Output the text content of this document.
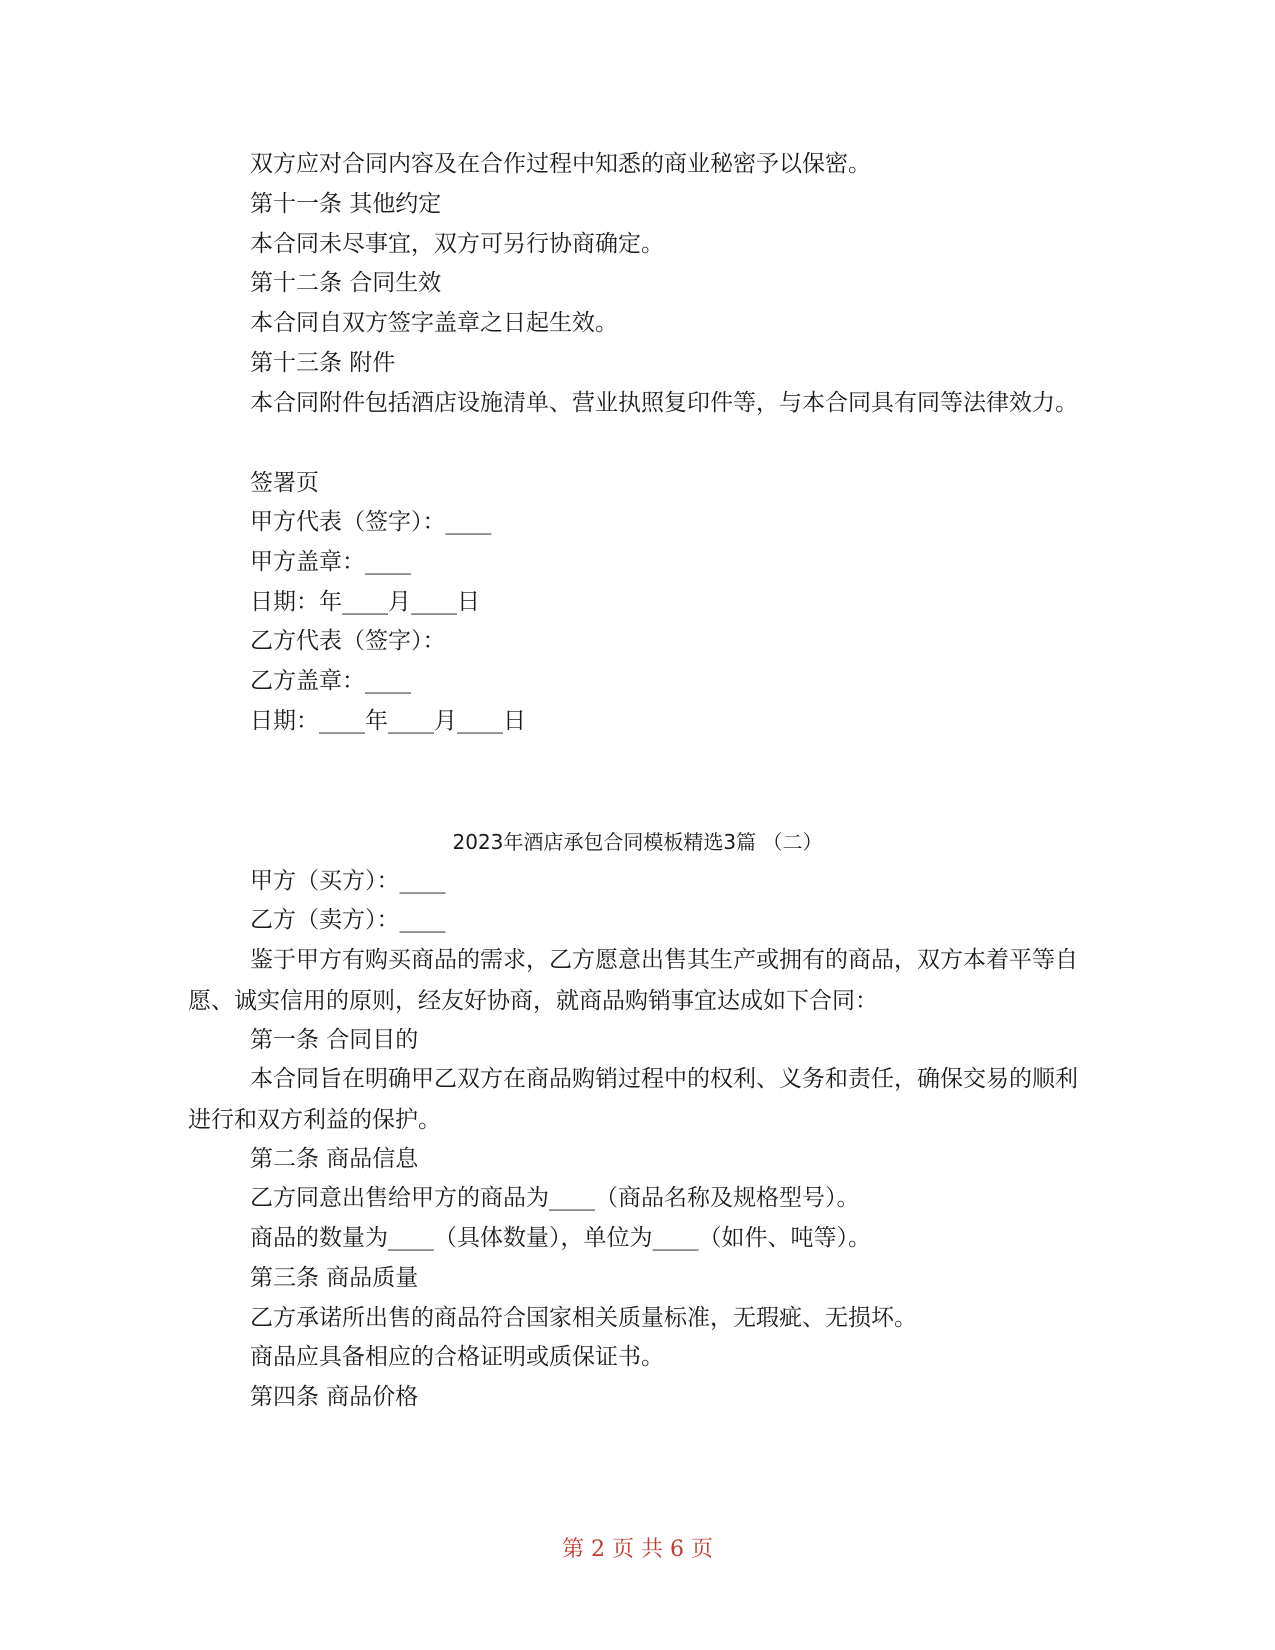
双方应对合同内容及在合作过程中知悉的商业秘密予以保密。

第十一条 其他约定

本合同未尽事宜，双方可另行协商确定。

第十二条 合同生效

本合同自双方签字盖章之日起生效。

第十三条 附件

本合同附件包括酒店设施清单、营业执照复印件等，与本合同具有同等法律效力。

签署页

甲方代表（签字）：____

甲方盖章：____

日期：年____月____日

乙方代表（签字）：

乙方盖章：____

日期：____年____月____日

2023年酒店承包合同模板精选3篇 （二）

甲方（买方）：____

乙方（卖方）：____

鉴于甲方有购买商品的需求，乙方愿意出售其生产或拥有的商品，双方本着平等自愿、诚实信用的原则，经友好协商，就商品购销事宜达成如下合同：

第一条 合同目的

本合同旨在明确甲乙双方在商品购销过程中的权利、义务和责任，确保交易的顺利进行和双方利益的保护。

第二条 商品信息

乙方同意出售给甲方的商品为____（商品名称及规格型号）。

商品的数量为____（具体数量），单位为____（如件、吨等）。

第三条 商品质量

乙方承诺所出售的商品符合国家相关质量标准，无瑕疵、无损坏。

商品应具备相应的合格证明或质保证书。

第四条 商品价格

第 2 页 共 6 页
